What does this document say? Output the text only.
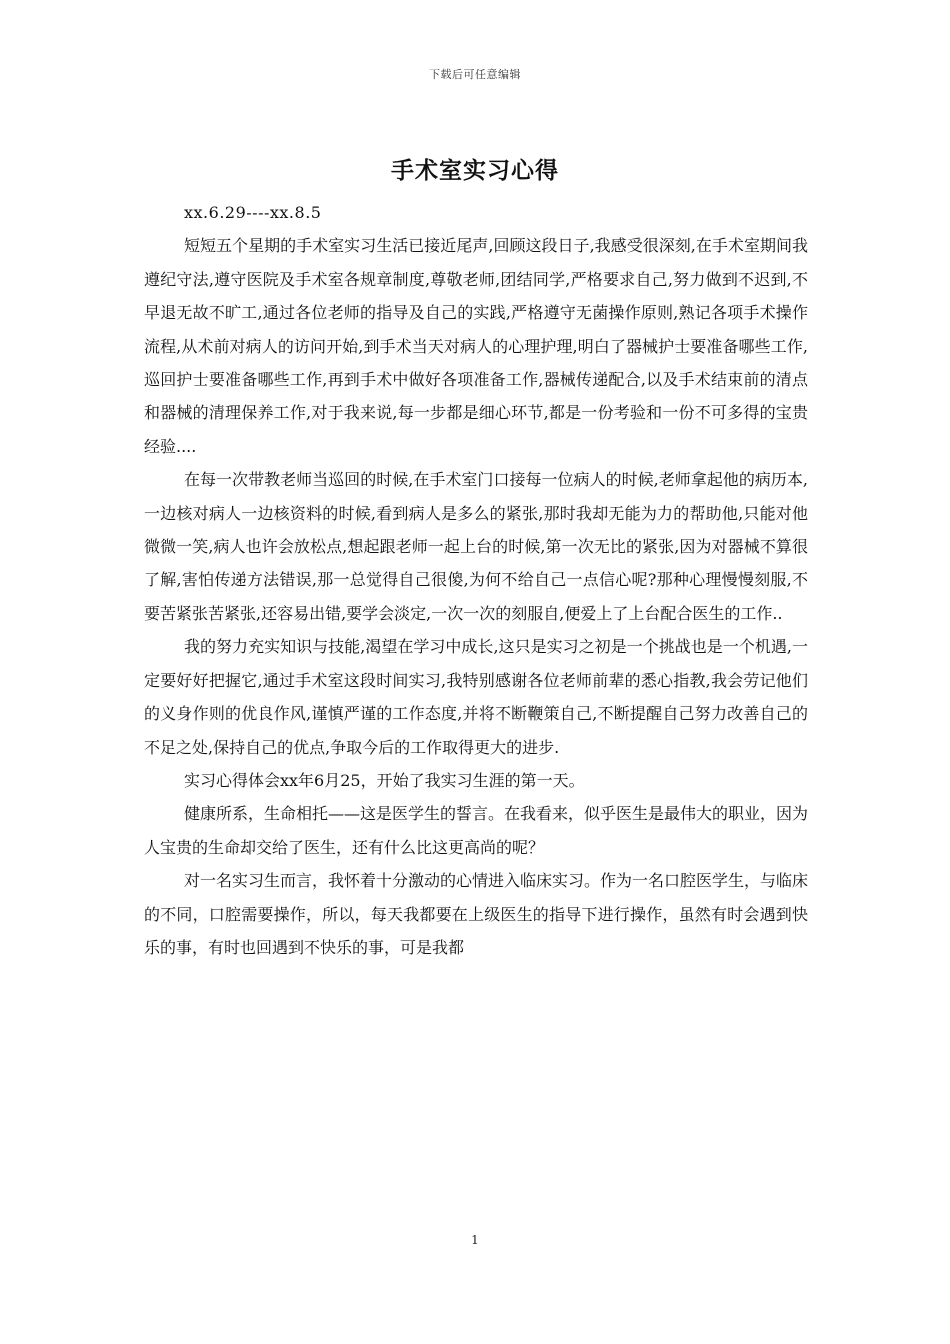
下载后可任意编辑
手术室实习心得

xx.6.29----xx.8.5

短短五个星期的手术室实习生活已接近尾声,回顾这段日子,我感受很深刻,在手术室期间我遵纪守法,遵守医院及手术室各规章制度,尊敬老师,团结同学,严格要求自己,努力做到不迟到,不早退无故不旷工,通过各位老师的指导及自己的实践,严格遵守无菌操作原则,熟记各项手术操作流程,从术前对病人的访问开始,到手术当天对病人的心理护理,明白了器械护士要准备哪些工作,巡回护士要准备哪些工作,再到手术中做好各项准备工作,器械传递配合,以及手术结束前的清点和器械的清理保养工作,对于我来说,每一步都是细心环节,都是一份考验和一份不可多得的宝贵经验....

在每一次带教老师当巡回的时候,在手术室门口接每一位病人的时候,老师拿起他的病历本,一边核对病人一边核资料的时候,看到病人是多么的紧张,那时我却无能为力的帮助他,只能对他微微一笑,病人也许会放松点,想起跟老师一起上台的时候,第一次无比的紧张,因为对器械不算很了解,害怕传递方法错误,那一总觉得自己很傻,为何不给自己一点信心呢?那种心理慢慢刻服,不要苦紧张苦紧张,还容易出错,要学会淡定,一次一次的刻服自,便爱上了上台配合医生的工作..

我的努力充实知识与技能,渴望在学习中成长,这只是实习之初是一个挑战也是一个机遇,一定要好好把握它,通过手术室这段时间实习,我特别感谢各位老师前辈的悉心指教,我会劳记他们的义身作则的优良作风,谨慎严谨的工作态度,并将不断鞭策自己,不断提醒自己努力改善自己的不足之处,保持自己的优点,争取今后的工作取得更大的进步.

实习心得体会xx年6月25，开始了我实习生涯的第一天。

健康所系，生命相托——这是医学生的誓言。在我看来，似乎医生是最伟大的职业，因为人宝贵的生命却交给了医生，还有什么比这更高尚的呢？

对一名实习生而言，我怀着十分激动的心情进入临床实习。作为一名口腔医学生，与临床的不同，口腔需要操作，所以，每天我都要在上级医生的指导下进行操作，虽然有时会遇到快乐的事，有时也回遇到不快乐的事，可是我都

1
